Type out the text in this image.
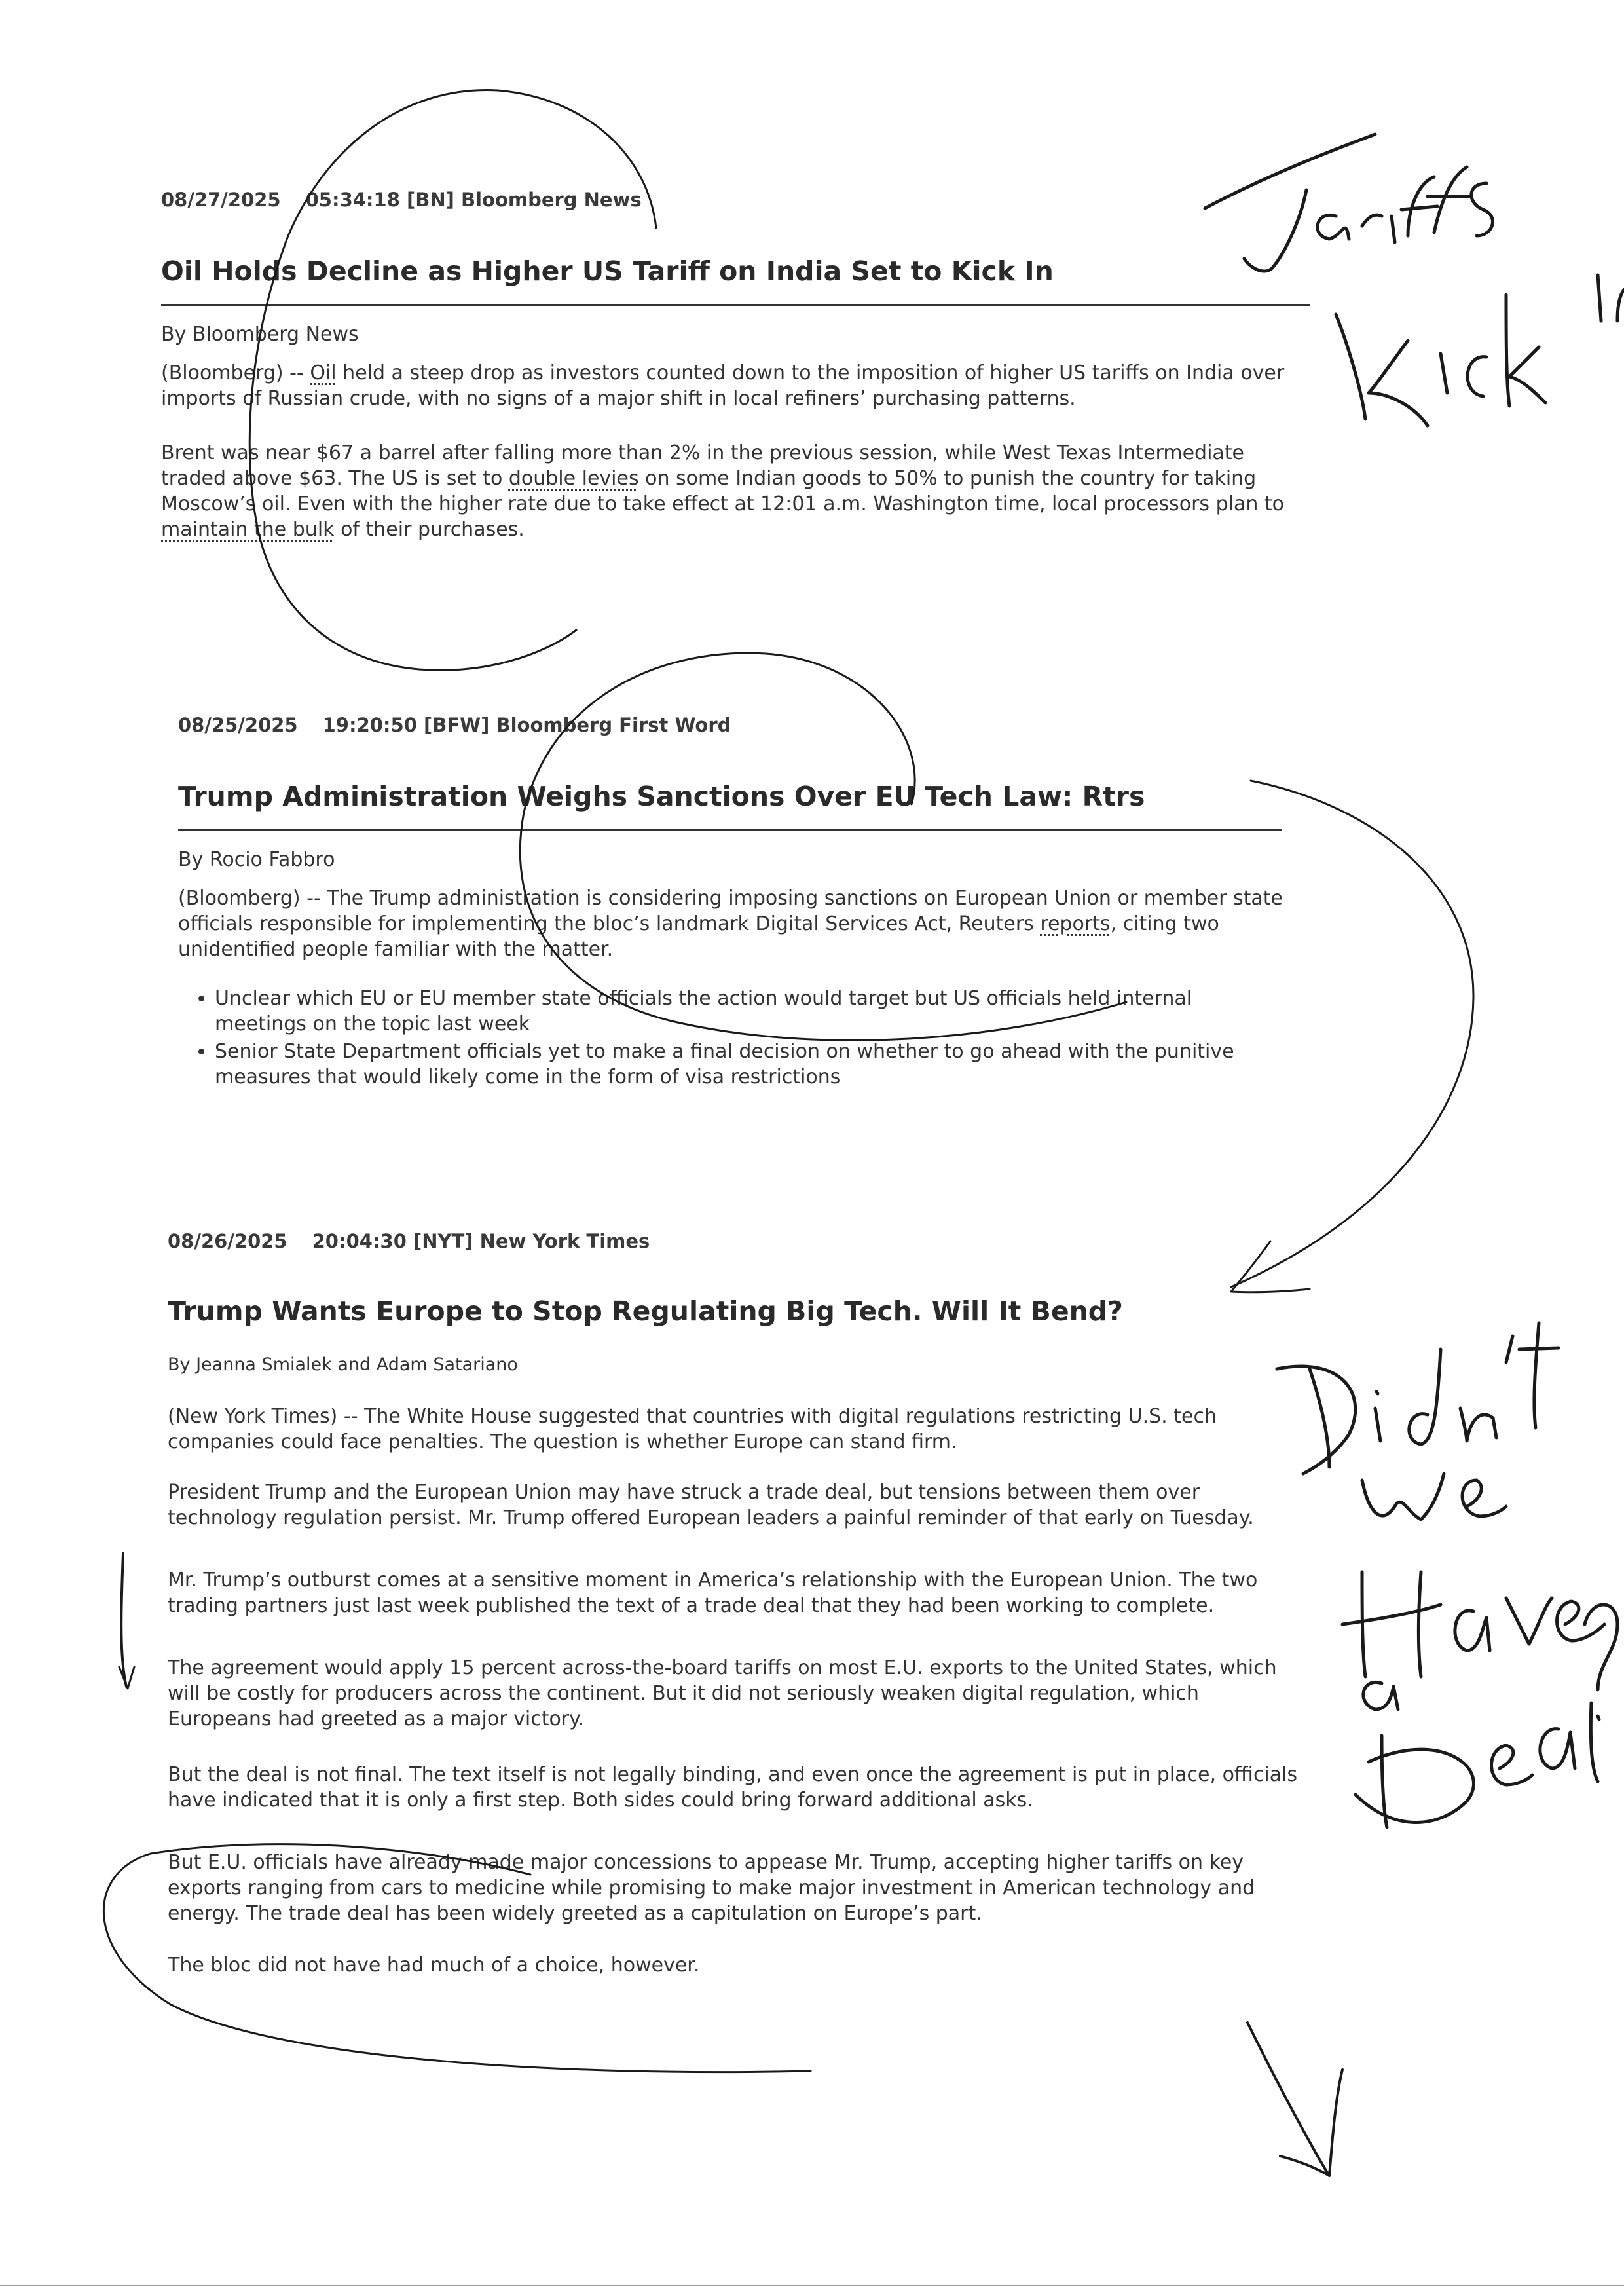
08/27/2025 05:34:18 [BN] Bloomberg News
Oil Holds Decline as Higher US Tariff on India Set to Kick In
By Bloomberg News

(Bloomberg) -- Oil held a steep drop as investors counted down to the imposition of higher US tariffs on India over imports of Russian crude, with no signs of a major shift in local refiners’ purchasing patterns.

Brent was near $67 a barrel after falling more than 2% in the previous session, while West Texas Intermediate traded above $63. The US is set to double levies on some Indian goods to 50% to punish the country for taking Moscow’s oil. Even with the higher rate due to take effect at 12:01 a.m. Washington time, local processors plan to maintain the bulk of their purchases.

08/25/2025 19:20:50 [BFW] Bloomberg First Word
Trump Administration Weighs Sanctions Over EU Tech Law: Rtrs
By Rocio Fabbro

(Bloomberg) -- The Trump administration is considering imposing sanctions on European Union or member state officials responsible for implementing the bloc’s landmark Digital Services Act, Reuters reports, citing two unidentified people familiar with the matter.

• Unclear which EU or EU member state officials the action would target but US officials held internal meetings on the topic last week
• Senior State Department officials yet to make a final decision on whether to go ahead with the punitive measures that would likely come in the form of visa restrictions
08/26/2025 20:04:30 [NYT] New York Times
Trump Wants Europe to Stop Regulating Big Tech. Will It Bend?
By Jeanna Smialek and Adam Satariano

(New York Times) -- The White House suggested that countries with digital regulations restricting U.S. tech companies could face penalties. The question is whether Europe can stand firm.

President Trump and the European Union may have struck a trade deal, but tensions between them over technology regulation persist. Mr. Trump offered European leaders a painful reminder of that early on Tuesday.

Mr. Trump’s outburst comes at a sensitive moment in America’s relationship with the European Union. The two trading partners just last week published the text of a trade deal that they had been working to complete.

The agreement would apply 15 percent across-the-board tariffs on most E.U. exports to the United States, which will be costly for producers across the continent. But it did not seriously weaken digital regulation, which Europeans had greeted as a major victory.

But the deal is not final. The text itself is not legally binding, and even once the agreement is put in place, officials have indicated that it is only a first step. Both sides could bring forward additional asks.

But E.U. officials have already made major concessions to appease Mr. Trump, accepting higher tariffs on key exports ranging from cars to medicine while promising to make major investment in American technology and energy. The trade deal has been widely greeted as a capitulation on Europe’s part.

The bloc did not have had much of a choice, however.
